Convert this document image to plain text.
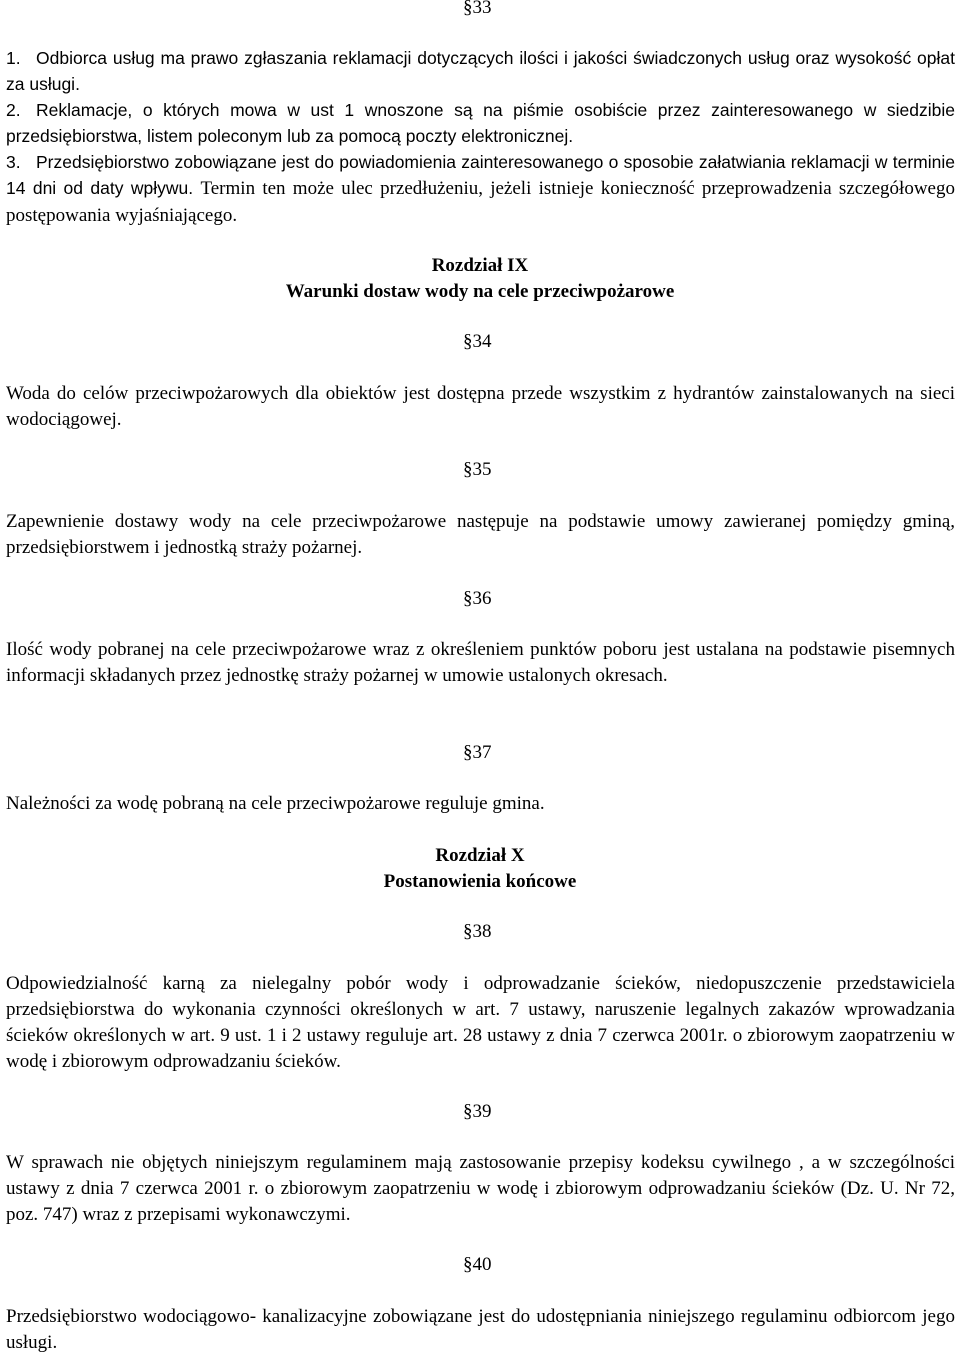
§33
1. Odbiorca usług ma prawo zgłaszania reklamacji dotyczących ilości i jakości świadczonych usług oraz wysokość opłat za usługi.
2. Reklamacje, o których mowa w ust 1 wnoszone są na piśmie osobiście przez zainteresowanego w siedzibie przedsiębiorstwa, listem poleconym lub za pomocą poczty elektronicznej.
3. Przedsiębiorstwo zobowiązane jest do powiadomienia zainteresowanego o sposobie załatwiania reklamacji w terminie 14 dni od daty wpływu. Termin ten może ulec przedłużeniu, jeżeli istnieje konieczność przeprowadzenia szczegółowego postępowania wyjaśniającego.
Rozdział IX
Warunki dostaw wody na cele przeciwpożarowe
§34

Woda do celów przeciwpożarowych dla obiektów jest dostępna przede wszystkim z hydrantów zainstalowanych na sieci wodociągowej.

§35

Zapewnienie dostawy wody na cele przeciwpożarowe następuje na podstawie umowy zawieranej pomiędzy gminą, przedsiębiorstwem i jednostką straży pożarnej.

§36

Ilość wody pobranej na cele przeciwpożarowe wraz z określeniem punktów poboru jest ustalana na podstawie pisemnych informacji składanych przez jednostkę straży pożarnej w umowie ustalonych okresach.

§37

Należności za wodę pobraną na cele przeciwpożarowe reguluje gmina.

Rozdział X
Postanowienia końcowe
§38

Odpowiedzialność karną za nielegalny pobór wody i odprowadzanie ścieków, niedopuszczenie przedstawiciela przedsiębiorstwa do wykonania czynności określonych w art. 7 ustawy, naruszenie legalnych zakazów wprowadzania ścieków określonych w art. 9 ust. 1 i 2 ustawy reguluje art. 28 ustawy z dnia 7 czerwca 2001r. o zbiorowym zaopatrzeniu w wodę i zbiorowym odprowadzaniu ścieków.

§39

W sprawach nie objętych niniejszym regulaminem mają zastosowanie przepisy kodeksu cywilnego , a w szczególności ustawy z dnia 7 czerwca 2001 r. o zbiorowym zaopatrzeniu w wodę i zbiorowym odprowadzaniu ścieków (Dz. U. Nr 72, poz. 747) wraz z przepisami wykonawczymi.

§40

Przedsiębiorstwo wodociągowo- kanalizacyjne zobowiązane jest do udostępniania niniejszego regulaminu odbiorcom jego usługi.
